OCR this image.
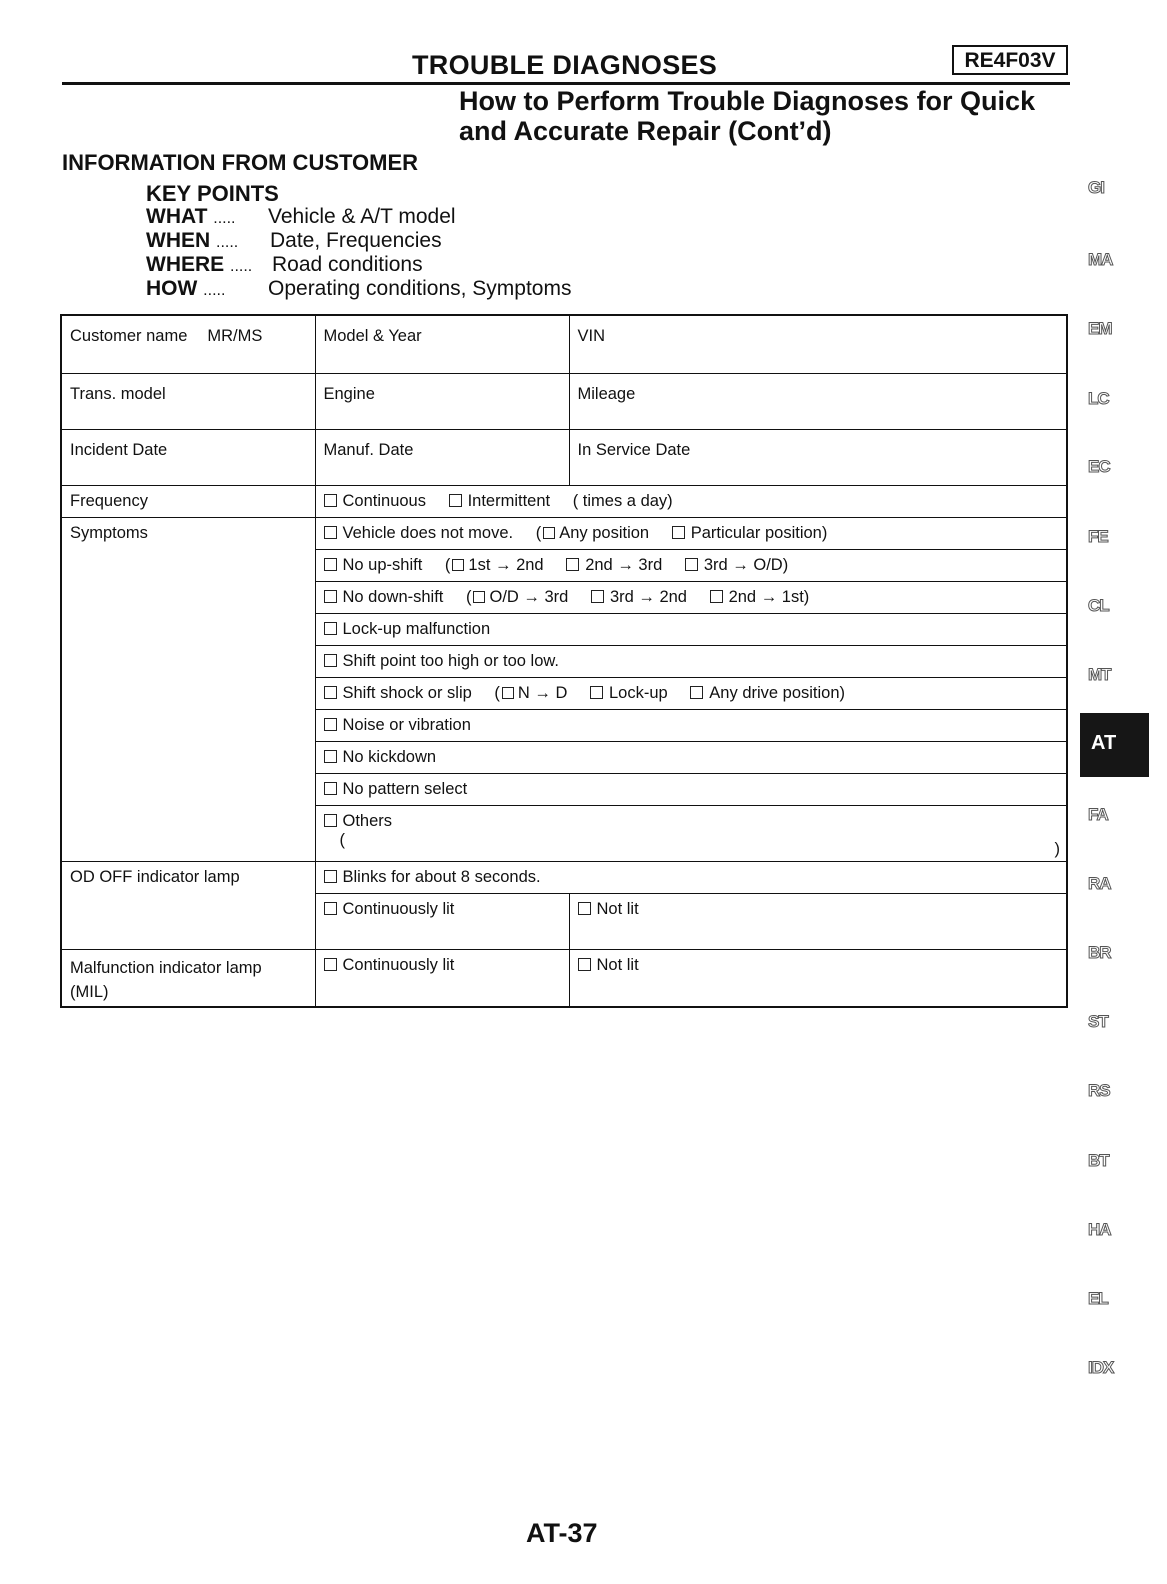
TROUBLE DIAGNOSES	RE4F03V
How to Perform Trouble Diagnoses for Quick
and Accurate Repair (Cont’d)
INFORMATION FROM CUSTOMER
KEY POINTS
WHAT ..... Vehicle & A/T model
WHEN ..... Date, Frequencies
WHERE ..... Road conditions
HOW ..... Operating conditions, Symptoms
Customer name MR/MS	Model & Year	VIN
Trans. model	Engine	Mileage
Incident Date	Manuf. Date	In Service Date
Frequency	Continuous Intermittent ( times a day)	
Symptoms	Vehicle does not move. ( Any position Particular position)	
	No up-shift ( 1st → 2nd 2nd → 3rd 3rd → O/D)	
	No down-shift ( O/D → 3rd 3rd → 2nd 2nd → 1st)	
	Lock-up malfunction	
	Shift point too high or too low.	
	Shift shock or slip ( N → D Lock-up Any drive position)	
	Noise or vibration	
	No kickdown	
	No pattern select	
	Others
( )	

OD OFF indicator lamp	Blinks for about 8 seconds.	
	Continuously lit	Not lit
Malfunction indicator lamp
(MIL)	Continuously lit	Not lit
GI
MA
EM
LC
EC
FE
CL
MT
AT
FA
RA
BR
ST
RS
BT
HA
EL
IDX
AT-37
